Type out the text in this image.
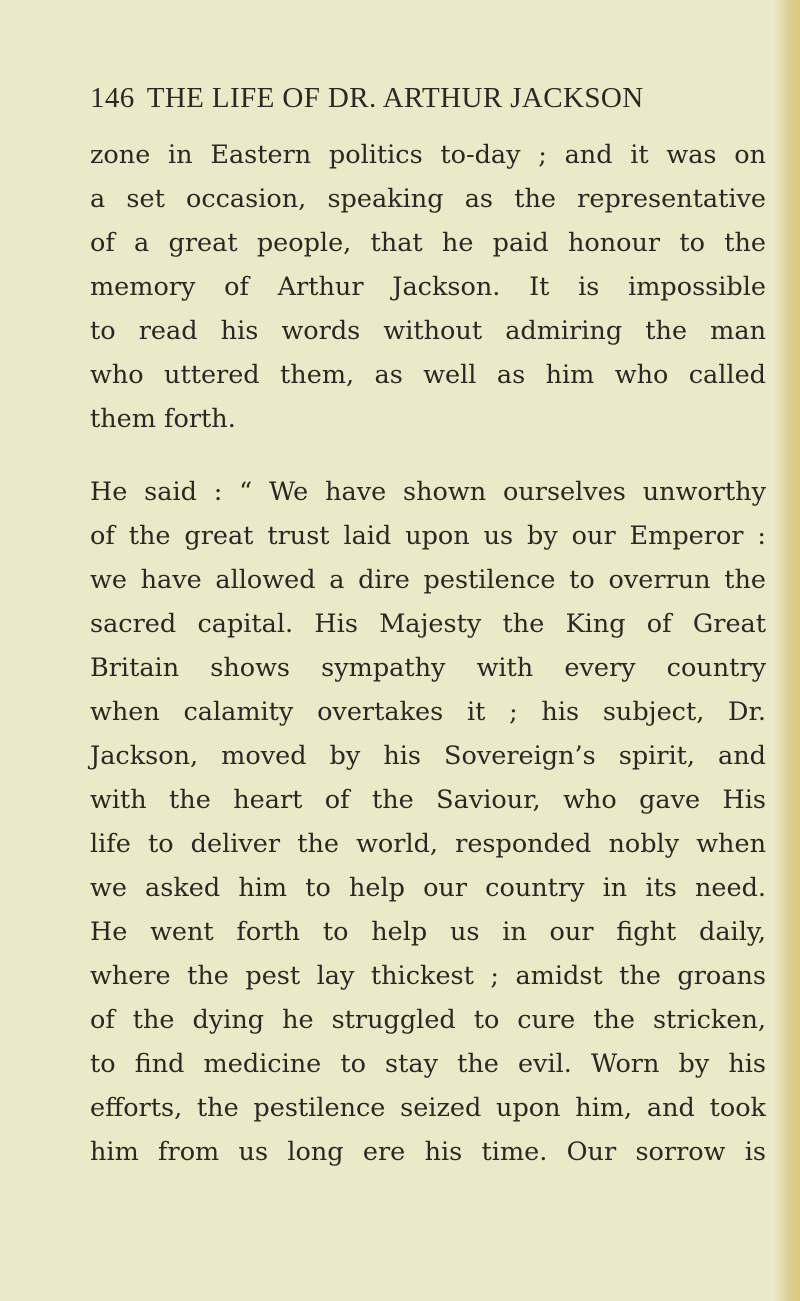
146 THE LIFE OF DR. ARTHUR JACKSON

zone in Eastern politics to-day ; and it was on

a set occasion, speaking as the representative

of a great people, that he paid honour to the

memory of Arthur Jackson. It is impossible

to read his words without admiring the man

who uttered them, as well as him who called

them forth.

He said : “ We have shown ourselves unworthy

of the great trust laid upon us by our Emperor :

we have allowed a dire pestilence to overrun the

sacred capital. His Majesty the King of Great

Britain shows sympathy with every country

when calamity overtakes it ; his subject, Dr.

Jackson, moved by his Sovereign’s spirit, and

with the heart of the Saviour, who gave His

life to deliver the world, responded nobly when

we asked him to help our country in its need.

He went forth to help us in our fight daily,

where the pest lay thickest ; amidst the groans

of the dying he struggled to cure the stricken,

to find medicine to stay the evil. Worn by his

efforts, the pestilence seized upon him, and took

him from us long ere his time. Our sorrow is
